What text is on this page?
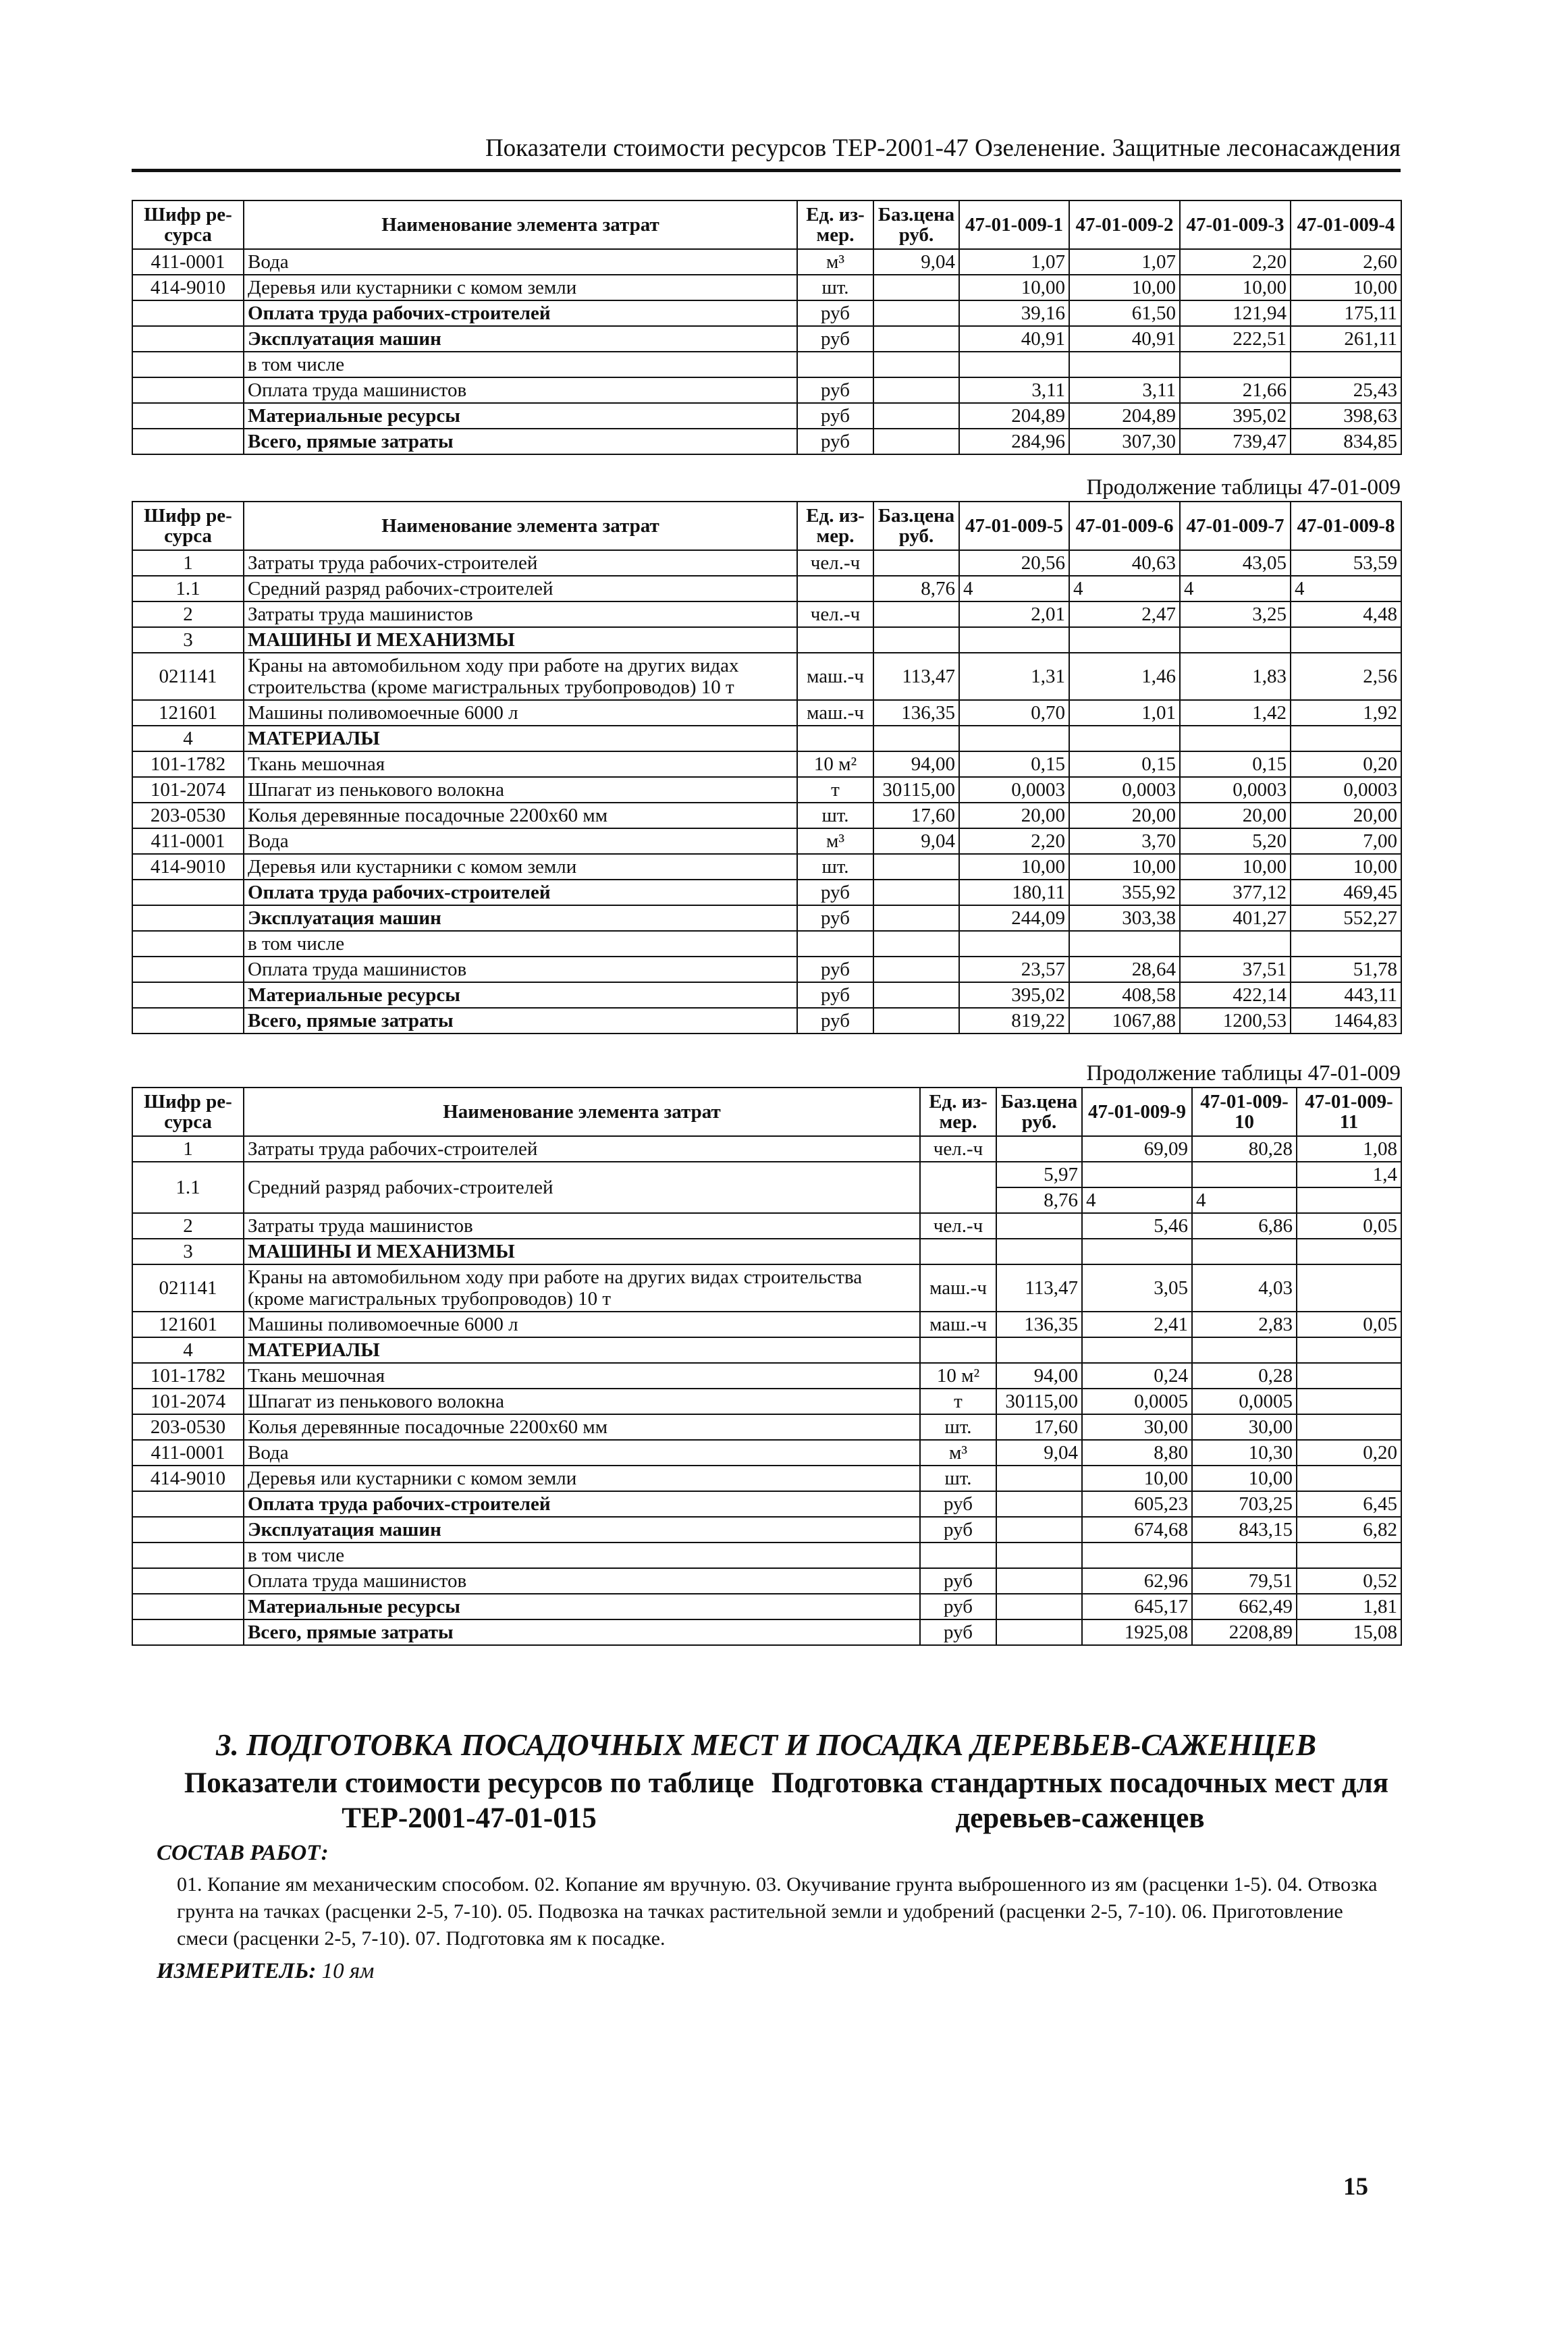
Показатели стоимости ресурсов ТЕР-2001-47 Озеленение. Защитные лесонасаждения
Шифр ре-сурса	Наименование элемента затрат	Ед. из-мер.	Баз.цена руб.	47-01-009-1	47-01-009-2	47-01-009-3	47-01-009-4
411-0001	Вода	м³	9,04	1,07	1,07	2,20	2,60
414-9010	Деревья или кустарники с комом земли	шт.		10,00	10,00	10,00	10,00
	Оплата труда рабочих-строителей	руб		39,16	61,50	121,94	175,11
	Эксплуатация машин	руб		40,91	40,91	222,51	261,11
	в том числе						
	Оплата труда машинистов	руб		3,11	3,11	21,66	25,43
	Материальные ресурсы	руб		204,89	204,89	395,02	398,63
	Всего, прямые затраты	руб		284,96	307,30	739,47	834,85
Продолжение таблицы 47-01-009
Шифр ре-сурса	Наименование элемента затрат	Ед. из-мер.	Баз.цена руб.	47-01-009-5	47-01-009-6	47-01-009-7	47-01-009-8
1	Затраты труда рабочих-строителей	чел.-ч		20,56	40,63	43,05	53,59
1.1	Средний разряд рабочих-строителей		8,76	4	4	4	4
2	Затраты труда машинистов	чел.-ч		2,01	2,47	3,25	4,48
3	МАШИНЫ И МЕХАНИЗМЫ						
021141	Краны на автомобильном ходу при работе на других видах строительства (кроме магистральных трубопроводов) 10 т	маш.-ч	113,47	1,31	1,46	1,83	2,56
121601	Машины поливомоечные 6000 л	маш.-ч	136,35	0,70	1,01	1,42	1,92
4	МАТЕРИАЛЫ						
101-1782	Ткань мешочная	10 м²	94,00	0,15	0,15	0,15	0,20
101-2074	Шпагат из пенькового волокна	т	30115,00	0,0003	0,0003	0,0003	0,0003
203-0530	Колья деревянные посадочные 2200х60 мм	шт.	17,60	20,00	20,00	20,00	20,00
411-0001	Вода	м³	9,04	2,20	3,70	5,20	7,00
414-9010	Деревья или кустарники с комом земли	шт.		10,00	10,00	10,00	10,00
	Оплата труда рабочих-строителей	руб		180,11	355,92	377,12	469,45
	Эксплуатация машин	руб		244,09	303,38	401,27	552,27
	в том числе						
	Оплата труда машинистов	руб		23,57	28,64	37,51	51,78
	Материальные ресурсы	руб		395,02	408,58	422,14	443,11
	Всего, прямые затраты	руб		819,22	1067,88	1200,53	1464,83
Продолжение таблицы 47-01-009
Шифр ре-сурса	Наименование элемента затрат	Ед. из-мер.	Баз.цена руб.	47-01-009-9	47-01-009-10	47-01-009-11
1	Затраты труда рабочих-строителей	чел.-ч		69,09	80,28	1,08
1.1	Средний разряд рабочих-строителей		5,97			1,4
			8,76	4	4	
2	Затраты труда машинистов	чел.-ч		5,46	6,86	0,05
3	МАШИНЫ И МЕХАНИЗМЫ					
021141	Краны на автомобильном ходу при работе на других видах строительства (кроме магистральных трубопроводов) 10 т	маш.-ч	113,47	3,05	4,03	
121601	Машины поливомоечные 6000 л	маш.-ч	136,35	2,41	2,83	0,05
4	МАТЕРИАЛЫ					
101-1782	Ткань мешочная	10 м²	94,00	0,24	0,28	
101-2074	Шпагат из пенькового волокна	т	30115,00	0,0005	0,0005	
203-0530	Колья деревянные посадочные 2200х60 мм	шт.	17,60	30,00	30,00	
411-0001	Вода	м³	9,04	8,80	10,30	0,20
414-9010	Деревья или кустарники с комом земли	шт.		10,00	10,00	
	Оплата труда рабочих-строителей	руб		605,23	703,25	6,45
	Эксплуатация машин	руб		674,68	843,15	6,82
	в том числе					
	Оплата труда машинистов	руб		62,96	79,51	0,52
	Материальные ресурсы	руб		645,17	662,49	1,81
	Всего, прямые затраты	руб		1925,08	2208,89	15,08
3. ПОДГОТОВКА ПОСАДОЧНЫХ МЕСТ И ПОСАДКА ДЕРЕВЬЕВ-САЖЕНЦЕВ
Показатели стоимости ресурсов по таблице ТЕР-2001-47-01-015
Подготовка стандартных посадочных мест для деревьев-саженцев
СОСТАВ РАБОТ:
01. Копание ям механическим способом. 02. Копание ям вручную. 03. Окучивание грунта выброшенного из ям (расценки 1-5). 04. Отвозка грунта на тачках (расценки 2-5, 7-10). 05. Подвозка на тачках растительной земли и удобрений (расценки 2-5, 7-10). 06. Приготовление смеси (расценки 2-5, 7-10). 07. Подготовка ям к посадке.
ИЗМЕРИТЕЛЬ: 10 ям
15
